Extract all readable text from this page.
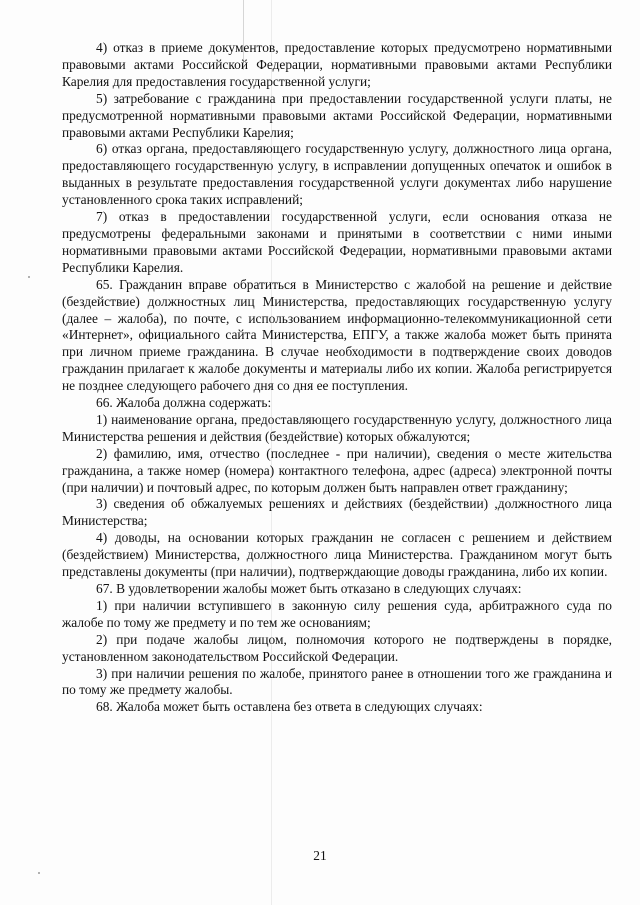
4) отказ в приеме документов, предоставление которых предусмотрено нормативными правовыми актами Российской Федерации, нормативными правовыми актами Республики Карелия для предоставления государственной услуги;

5) затребование с гражданина при предоставлении государственной услуги платы, не предусмотренной нормативными правовыми актами Российской Федерации, нормативными правовыми актами Республики Карелия;

6) отказ органа, предоставляющего государственную услугу, должностного лица органа, предоставляющего государственную услугу, в исправлении допущенных опечаток и ошибок в выданных в результате предоставления государственной услуги документах либо нарушение установленного срока таких исправлений;

7) отказ в предоставлении государственной услуги, если основания отказа не предусмотрены федеральными законами и принятыми в соответствии с ними иными нормативными правовыми актами Российской Федерации, нормативными правовыми актами Республики Карелия.

65. Гражданин вправе обратиться в Министерство с жалобой на решение и действие (бездействие) должностных лиц Министерства, предоставляющих государственную услугу (далее – жалоба), по почте, с использованием информационно-телекоммуникационной сети «Интернет», официального сайта Министерства, ЕПГУ, а также жалоба может быть принята при личном приеме гражданина. В случае необходимости в подтверждение своих доводов гражданин прилагает к жалобе документы и материалы либо их копии. Жалоба регистрируется не позднее следующего рабочего дня со дня ее поступления.

66. Жалоба должна содержать:

1) наименование органа, предоставляющего государственную услугу, должностного лица Министерства решения и действия (бездействие) которых обжалуются;

2) фамилию, имя, отчество (последнее - при наличии), сведения о месте жительства гражданина, а также номер (номера) контактного телефона, адрес (адреса) электронной почты (при наличии) и почтовый адрес, по которым должен быть направлен ответ гражданину;

3) сведения об обжалуемых решениях и действиях (бездействии) ,должностного лица Министерства;

4) доводы, на основании которых гражданин не согласен с решением и действием (бездействием) Министерства, должностного лица Министерства. Гражданином могут быть представлены документы (при наличии), подтверждающие доводы гражданина, либо их копии.

67. В удовлетворении жалобы может быть отказано в следующих случаях:

1) при наличии вступившего в законную силу решения суда, арбитражного суда по жалобе по тому же предмету и по тем же основаниям;

2) при подаче жалобы лицом, полномочия которого не подтверждены в порядке, установленном законодательством Российской Федерации.

3) при наличии решения по жалобе, принятого ранее в отношении того же гражданина и по тому же предмету жалобы.

68. Жалоба может быть оставлена без ответа в следующих случаях:

21
